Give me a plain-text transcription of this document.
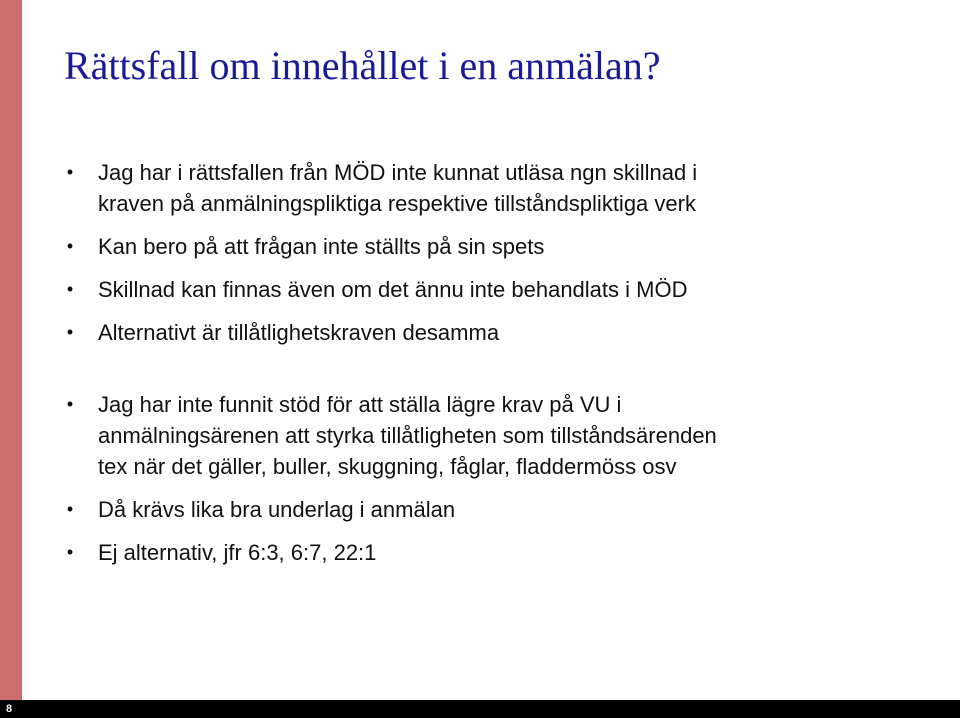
Rättsfall om innehållet i en anmälan?
• Jag har i rättsfallen från MÖD inte kunnat utläsa ngn skillnad i
kraven på anmälningspliktiga respektive tillståndspliktiga verk
• Kan bero på att frågan inte ställts på sin spets
• Skillnad kan finnas även om det ännu inte behandlats i MÖD
• Alternativt är tillåtlighetskraven desamma
• Jag har inte funnit stöd för att ställa lägre krav på VU i
anmälningsärenen att styrka tillåtligheten som tillståndsärenden
tex när det gäller, buller, skuggning, fåglar, fladdermöss osv
• Då krävs lika bra underlag i anmälan
• Ej alternativ, jfr 6:3, 6:7, 22:1
8
